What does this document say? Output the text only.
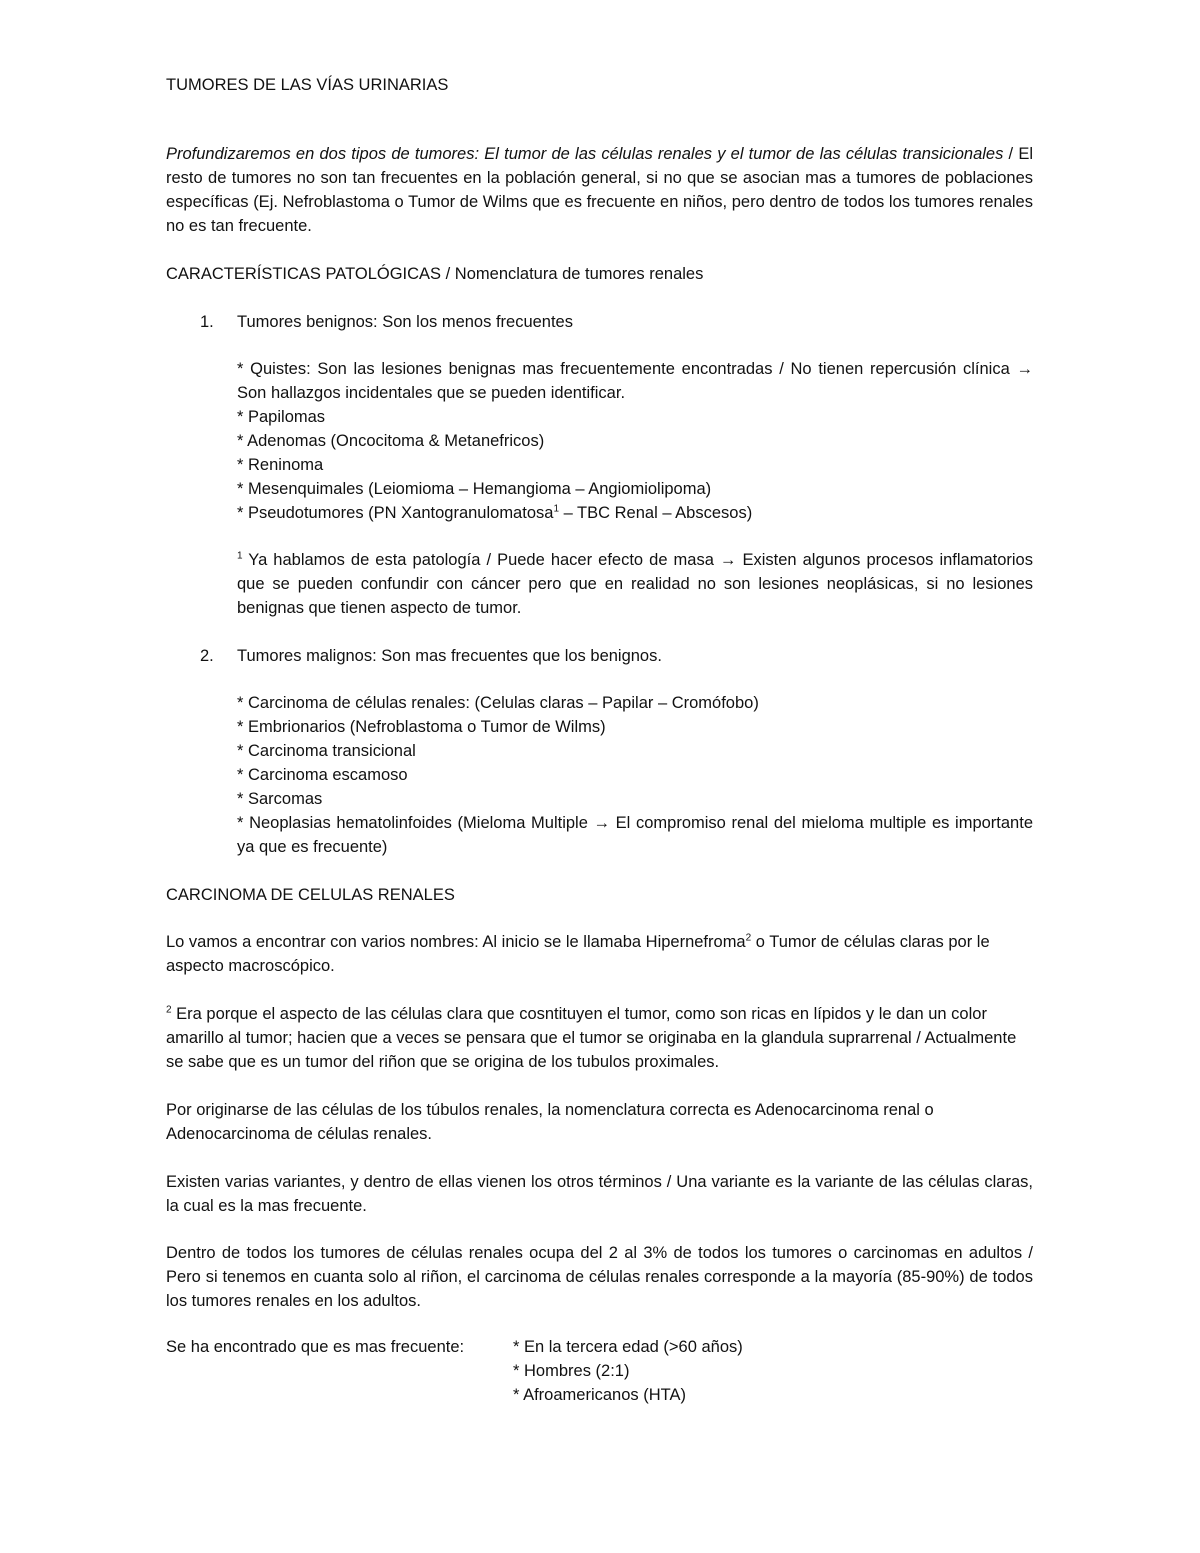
TUMORES DE LAS VÍAS URINARIAS

Profundizaremos en dos tipos de tumores: El tumor de las células renales y el tumor de las células transicionales / El resto de tumores no son tan frecuentes en la población general, si no que se asocian mas a tumores de poblaciones específicas (Ej. Nefroblastoma o Tumor de Wilms que es frecuente en niños, pero dentro de todos los tumores renales no es tan frecuente.

CARACTERÍSTICAS PATOLÓGICAS / Nomenclatura de tumores renales
1. Tumores benignos: Son los menos frecuentes
* Quistes: Son las lesiones benignas mas frecuentemente encontradas / No tienen repercusión clínica → Son hallazgos incidentales que se pueden identificar.
* Papilomas
* Adenomas (Oncocitoma & Metanefricos)
* Reninoma
* Mesenquimales (Leiomioma – Hemangioma – Angiomiolipoma)
* Pseudotumores (PN Xantogranulomatosa$^1$ – TBC Renal – Abscesos)

$^1$ Ya hablamos de esta patología / Puede hacer efecto de masa → Existen algunos procesos inflamatorios que se pueden confundir con cáncer pero que en realidad no son lesiones neoplásicas, si no lesiones benignas que tienen aspecto de tumor.

2. Tumores malignos: Son mas frecuentes que los benignos.
* Carcinoma de células renales: (Celulas claras – Papilar – Cromófobo)
* Embrionarios (Nefroblastoma o Tumor de Wilms)
* Carcinoma transicional
* Carcinoma escamoso
* Sarcomas
* Neoplasias hematolinfoides (Mieloma Multiple → El compromiso renal del mieloma multiple es importante ya que es frecuente)
CARCINOMA DE CELULAS RENALES

Lo vamos a encontrar con varios nombres: Al inicio se le llamaba Hipernefroma$^2$ o Tumor de células claras por le aspecto macroscópico.

$^2$ Era porque el aspecto de las células clara que cosntituyen el tumor, como son ricas en lípidos y le dan un color amarillo al tumor; hacien que a veces se pensara que el tumor se originaba en la glandula suprarrenal / Actualmente se sabe que es un tumor del riñon que se origina de los tubulos proximales.

Por originarse de las células de los túbulos renales, la nomenclatura correcta es Adenocarcinoma renal o Adenocarcinoma de células renales.

Existen varias variantes, y dentro de ellas vienen los otros términos / Una variante es la variante de las células claras, la cual es la mas frecuente.

Dentro de todos los tumores de células renales ocupa del 2 al 3% de todos los tumores o carcinomas en adultos / Pero si tenemos en cuanta solo al riñon, el carcinoma de células renales corresponde a la mayoría (85-90%) de todos los tumores renales en los adultos.

Se ha encontrado que es mas frecuente:	* En la tercera edad (>60 años)
* Hombres (2:1)
* Afroamericanos (HTA)
